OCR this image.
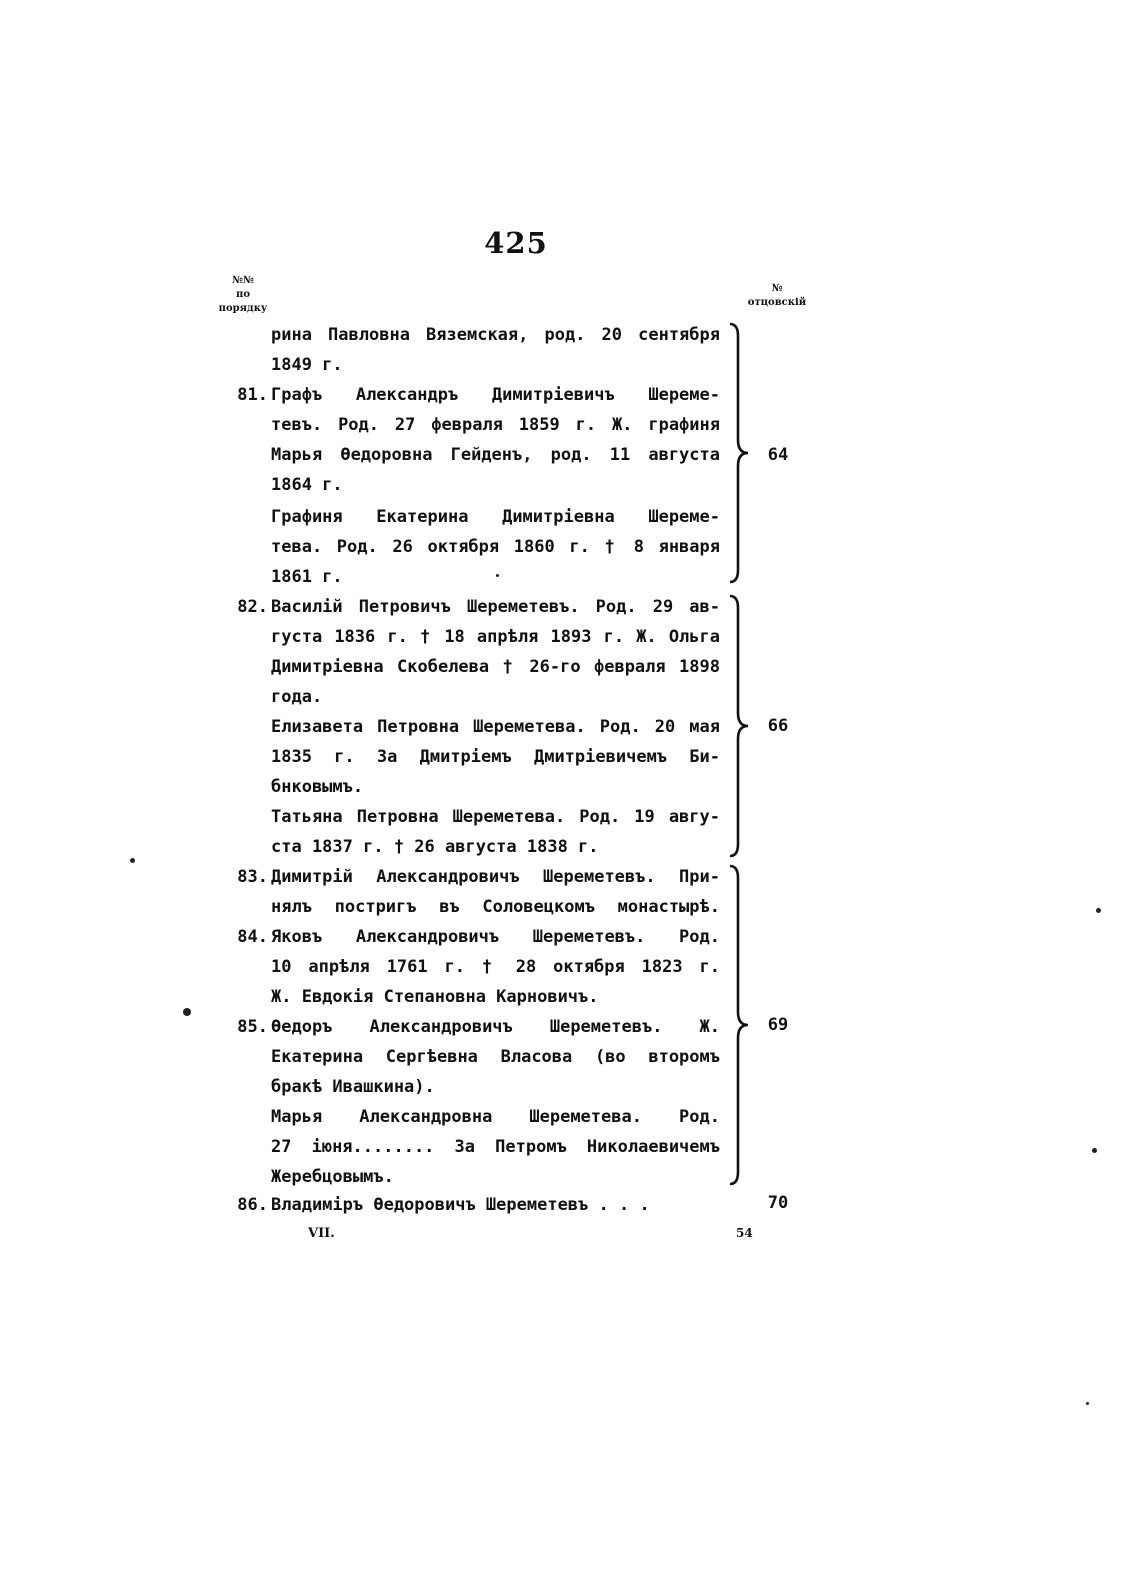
425
№№
по
порядку
№
отцовскій
рина Павловна Вяземская, род. 20 сентября
1849 г.
81. Графъ Александръ Димитріевичъ Шереме-
тевъ. Род. 27 февраля 1859 г. Ж. графиня
Марья Өедоровна Гейденъ, род. 11 августа
1864 г.
Графиня Екатерина Димитріевна Шереме-
тева. Род. 26 октября 1860 г. † 8 января
1861 г.
82. Василій Петровичъ Шереметевъ. Род. 29 ав-
густа 1836 г. † 18 апрѣля 1893 г. Ж. Ольга
Димитріевна Скобелева † 26-го февраля 1898
года.
Елизавета Петровна Шереметева. Род. 20 мая
1835 г. За Дмитріемъ Дмитріевичемъ Би-
бнковымъ.
Татьяна Петровна Шереметева. Род. 19 авгу-
ста 1837 г. † 26 августа 1838 г.
83. Димитрій Александровичъ Шереметевъ. При-
нялъ постригъ въ Соловецкомъ монастырѣ.
84. Яковъ Александровичъ Шереметевъ. Род.
10 апрѣля 1761 г. † 28 октября 1823 г.
Ж. Евдокія Степановна Карновичъ.
85. Өедоръ Александровичъ Шереметевъ. Ж.
Екатерина Сергѣевна Власова (во второмъ
бракѣ Ивашкина).
Марья Александровна Шереметева. Род.
27 іюня........ За Петромъ Николаевичемъ
Жеребцовымъ.
86. Владиміръ Өедоровичъ Шереметевъ . . .
64
66
69
70
VII.	54
